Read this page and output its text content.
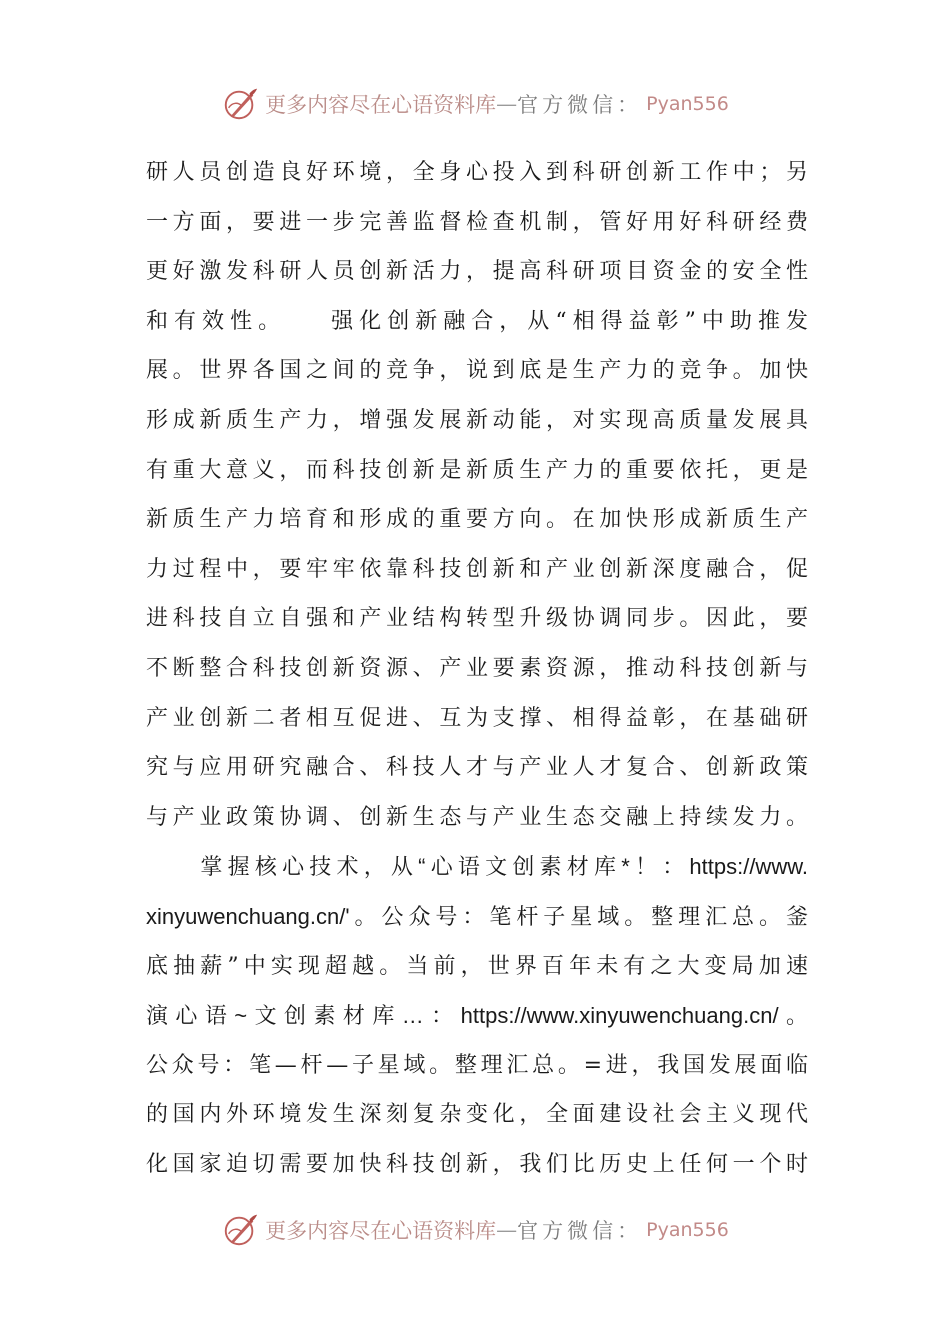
更多内容尽在心语资料库 — 官方微信： Pyan556
研人员创造良好环境，全身心投入到科研创新工作中；另
一方面，要进一步完善监督检查机制，管好用好科研经费
更好激发科研人员创新活力，提高科研项目资金的安全性
和有效性。　　强化创新融合，从“相得益彰”中助推发
展。世界各国之间的竞争，说到底是生产力的竞争。加快
形成新质生产力，增强发展新动能，对实现高质量发展具
有重大意义，而科技创新是新质生产力的重要依托，更是
新质生产力培育和形成的重要方向。在加快形成新质生产
力过程中，要牢牢依靠科技创新和产业创新深度融合，促
进科技自立自强和产业结构转型升级协调同步。因此，要
不断整合科技创新资源、产业要素资源，推动科技创新与
产业创新二者相互促进、互为支撑、相得益彰，在基础研
究与应用研究融合、科技人才与产业人才复合、创新政策
与产业政策协调、创新生态与产业生态交融上持续发力。
　　掌握核心技术，从“心语文创素材库*！：https://www.
xinyuwenchuang.cn/'。公众号：笔杆子星域。整理汇总。釜
底抽薪”中实现超越。当前，世界百年未有之大变局加速
演心语~文创素材库…：https://www.xinyuwenchuang.cn/。
公众号：笔—杆—子星域。整理汇总。=进，我国发展面临
的国内外环境发生深刻复杂变化，全面建设社会主义现代
化国家迫切需要加快科技创新，我们比历史上任何一个时
更多内容尽在心语资料库 — 官方微信： Pyan556
